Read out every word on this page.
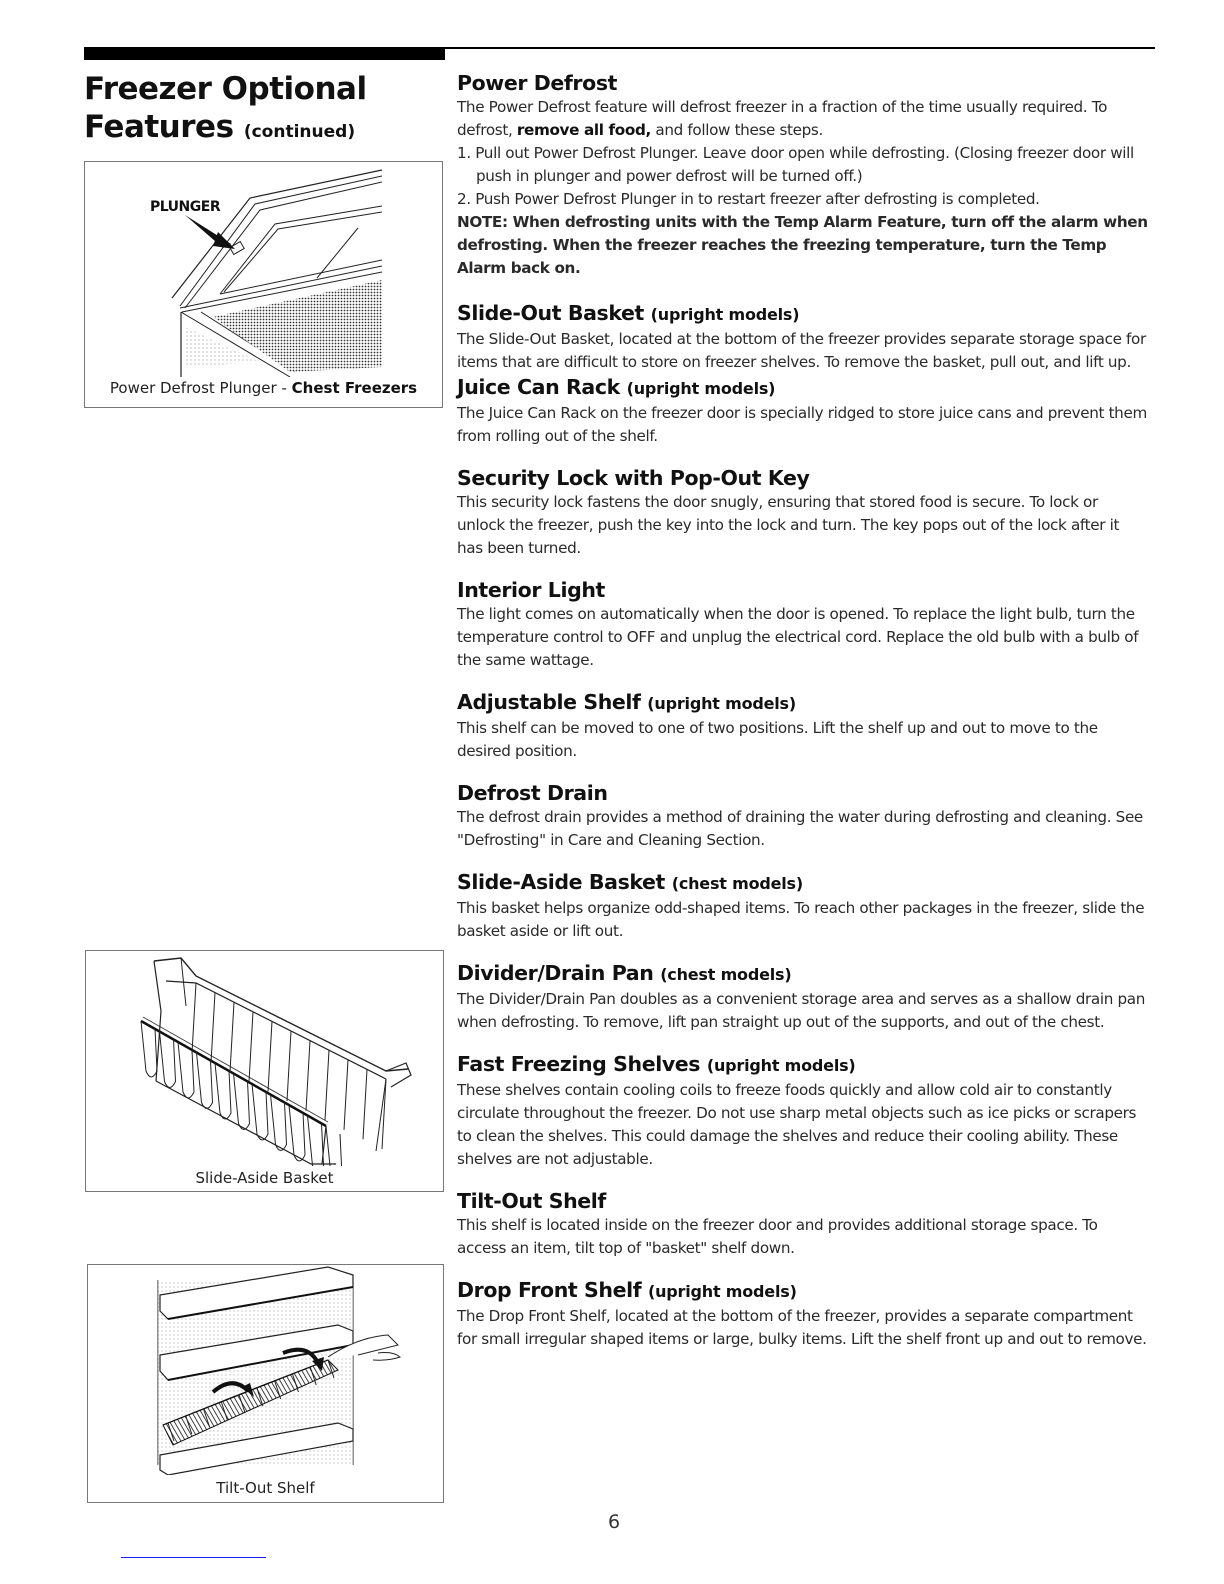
Freezer Optional
Features (continued)
PLUNGER
Power Defrost Plunger - Chest Freezers
Slide-Aside Basket
Tilt-Out Shelf
Power Defrost

The Power Defrost feature will defrost freezer in a fraction of the time usually required. To defrost, remove all food, and follow these steps.

1. Pull out Power Defrost Plunger. Leave door open while defrosting. (Closing freezer door will push in plunger and power defrost will be turned off.)
2. Push Power Defrost Plunger in to restart freezer after defrosting is completed.

NOTE: When defrosting units with the Temp Alarm Feature, turn off the alarm when defrosting. When the freezer reaches the freezing temperature, turn the Temp Alarm back on.

Slide-Out Basket (upright models)

The Slide-Out Basket, located at the bottom of the freezer provides separate storage space for items that are difficult to store on freezer shelves. To remove the basket, pull out, and lift up.

Juice Can Rack (upright models)

The Juice Can Rack on the freezer door is specially ridged to store juice cans and prevent them from rolling out of the shelf.

Security Lock with Pop-Out Key

This security lock fastens the door snugly, ensuring that stored food is secure. To lock or unlock the freezer, push the key into the lock and turn. The key pops out of the lock after it has been turned.

Interior Light

The light comes on automatically when the door is opened. To replace the light bulb, turn the temperature control to OFF and unplug the electrical cord. Replace the old bulb with a bulb of the same wattage.

Adjustable Shelf (upright models)

This shelf can be moved to one of two positions. Lift the shelf up and out to move to the desired position.

Defrost Drain

The defrost drain provides a method of draining the water during defrosting and cleaning. See "Defrosting" in Care and Cleaning Section.

Slide-Aside Basket (chest models)

This basket helps organize odd-shaped items. To reach other packages in the freezer, slide the basket aside or lift out.

Divider/Drain Pan (chest models)

The Divider/Drain Pan doubles as a convenient storage area and serves as a shallow drain pan when defrosting. To remove, lift pan straight up out of the supports, and out of the chest.

Fast Freezing Shelves (upright models)

These shelves contain cooling coils to freeze foods quickly and allow cold air to constantly circulate throughout the freezer. Do not use sharp metal objects such as ice picks or scrapers to clean the shelves. This could damage the shelves and reduce their cooling ability. These shelves are not adjustable.

Tilt-Out Shelf

This shelf is located inside on the freezer door and provides additional storage space. To access an item, tilt top of "basket" shelf down.

Drop Front Shelf (upright models)

The Drop Front Shelf, located at the bottom of the freezer, provides a separate compartment for small irregular shaped items or large, bulky items. Lift the shelf front up and out to remove.

6
